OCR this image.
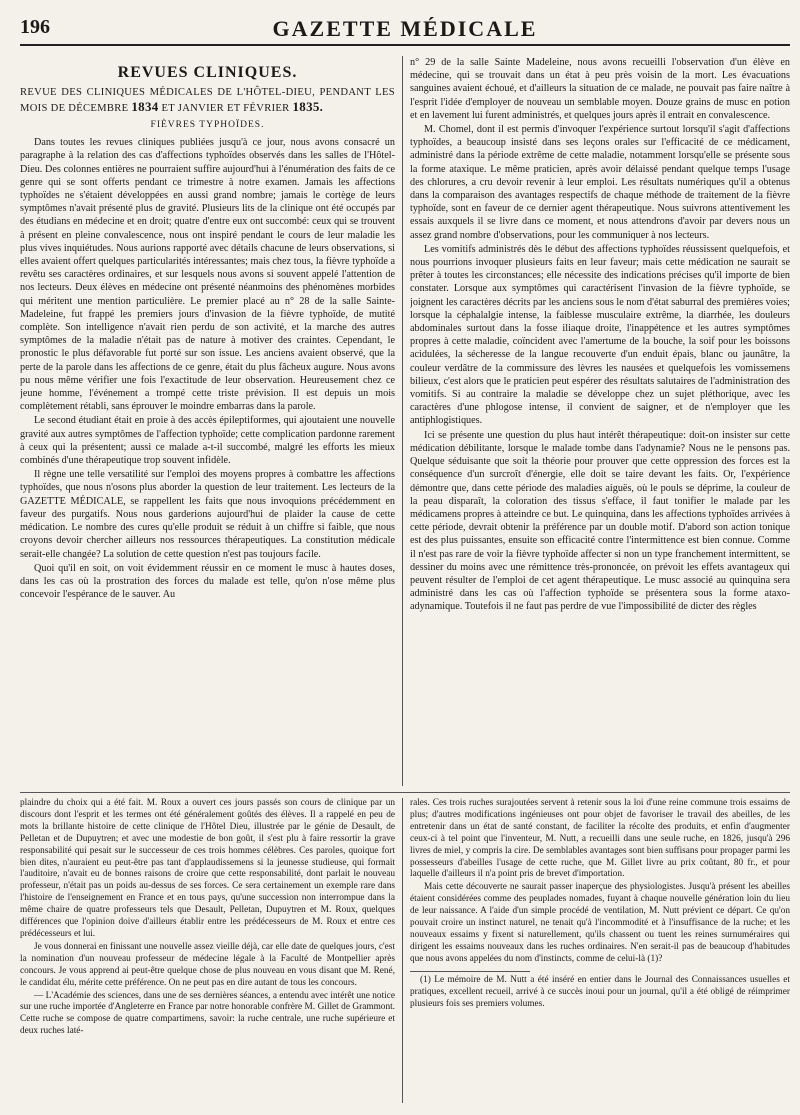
196	GAZETTE MÉDICALE
REVUES CLINIQUES.
REVUE DES CLINIQUES MÉDICALES DE L'HÔTEL-DIEU, PENDANT LES MOIS DE DÉCEMBRE 1834 ET JANVIER ET FÉVRIER 1835.
FIÈVRES TYPHOÏDES.

Dans toutes les revues cliniques publiées jusqu'à ce jour, nous avons consacré un paragraphe à la relation des cas d'affections typhoïdes observés dans les salles de l'Hôtel-Dieu. Des colonnes entières ne pourraient suffire aujourd'hui à l'énumération des faits de ce genre qui se sont offerts pendant ce trimestre à notre examen. Jamais les affections typhoïdes ne s'étaient développées en aussi grand nombre; jamais le cortège de leurs symptômes n'avait présenté plus de gravité. Plusieurs lits de la clinique ont été occupés par des étudians en médecine et en droit; quatre d'entre eux ont succombé: ceux qui se trouvent à présent en pleine convalescence, nous ont inspiré pendant le cours de leur maladie les plus vives inquiétudes. Nous aurions rapporté avec détails chacune de leurs observations, si elles avaient offert quelques particularités intéressantes; mais chez tous, la fièvre typhoïde a revêtu ses caractères ordinaires, et sur lesquels nous avons si souvent appelé l'attention de nos lecteurs. Deux élèves en médecine ont présenté néanmoins des phénomènes morbides qui méritent une mention particulière. Le premier placé au n° 28 de la salle Sainte-Madeleine, fut frappé les premiers jours d'invasion de la fièvre typhoïde, de mutité complète. Son intelligence n'avait rien perdu de son activité, et la marche des autres symptômes de la maladie n'était pas de nature à motiver des craintes. Cependant, le pronostic le plus défavorable fut porté sur son issue. Les anciens avaient observé, que la perte de la parole dans les affections de ce genre, était du plus fâcheux augure. Nous avons pu nous même vérifier une fois l'exactitude de leur observation. Heureusement chez ce jeune homme, l'événement a trompé cette triste prévision. Il est depuis un mois complètement rétabli, sans éprouver le moindre embarras dans la parole.

Le second étudiant était en proie à des accès épileptiformes, qui ajoutaient une nouvelle gravité aux autres symptômes de l'affection typhoïde; cette complication pardonne rarement à ceux qui la présentent; aussi ce malade a-t-il succombé, malgré les efforts les mieux combinés d'une thérapeutique trop souvent infidèle.

Il règne une telle versatilité sur l'emploi des moyens propres à combattre les affections typhoïdes, que nous n'osons plus aborder la question de leur traitement. Les lecteurs de la GAZETTE MÉDICALE, se rappellent les faits que nous invoquions précédemment en faveur des purgatifs. Nous nous garderions aujourd'hui de plaider la cause de cette médication. Le nombre des cures qu'elle produit se réduit à un chiffre si faible, que nous croyons devoir chercher ailleurs nos ressources thérapeutiques. La constitution médicale serait-elle changée? La solution de cette question n'est pas toujours facile.

Quoi qu'il en soit, on voit évidemment réussir en ce moment le musc à hautes doses, dans les cas où la prostration des forces du malade est telle, qu'on n'ose même plus concevoir l'espérance de le sauver. Au

n° 29 de la salle Sainte Madeleine, nous avons recueilli l'observation d'un élève en médecine, qui se trouvait dans un état à peu près voisin de la mort. Les évacuations sanguines avaient échoué, et d'ailleurs la situation de ce malade, ne pouvait pas faire naître à l'esprit l'idée d'employer de nouveau un semblable moyen. Douze grains de musc en potion et en lavement lui furent administrés, et quelques jours après il entrait en convalescence.

M. Chomel, dont il est permis d'invoquer l'expérience surtout lorsqu'il s'agit d'affections typhoïdes, a beaucoup insisté dans ses leçons orales sur l'efficacité de ce médicament, administré dans la période extrême de cette maladie, notamment lorsqu'elle se présente sous la forme ataxique. Le même praticien, après avoir délaissé pendant quelque temps l'usage des chlorures, a cru devoir revenir à leur emploi. Les résultats numériques qu'il a obtenus dans la comparaison des avantages respectifs de chaque méthode de traitement de la fièvre typhoïde, sont en faveur de ce dernier agent thérapeutique. Nous suivrons attentivement les essais auxquels il se livre dans ce moment, et nous attendrons d'avoir par devers nous un assez grand nombre d'observations, pour les communiquer à nos lecteurs.

Les vomitifs administrés dès le début des affections typhoïdes réussissent quelquefois, et nous pourrions invoquer plusieurs faits en leur faveur; mais cette médication ne saurait se prêter à toutes les circonstances; elle nécessite des indications précises qu'il importe de bien constater. Lorsque aux symptômes qui caractérisent l'invasion de la fièvre typhoïde, se joignent les caractères décrits par les anciens sous le nom d'état saburral des premières voies; lorsque la céphalalgie intense, la faiblesse musculaire extrême, la diarrhée, les douleurs abdominales surtout dans la fosse iliaque droite, l'inappétence et les autres symptômes propres à cette maladie, coïncident avec l'amertume de la bouche, la soif pour les boissons acidulées, la sécheresse de la langue recouverte d'un enduit épais, blanc ou jaunâtre, la couleur verdâtre de la commissure des lèvres les nausées et quelquefois les vomissemens bilieux, c'est alors que le praticien peut espérer des résultats salutaires de l'administration des vomitifs. Si au contraire la maladie se développe chez un sujet pléthorique, avec les caractères d'une phlogose intense, il convient de saigner, et de n'employer que les antiphlogistiques.

Ici se présente une question du plus haut intérêt thérapeutique: doit-on insister sur cette médication débilitante, lorsque le malade tombe dans l'adynamie? Nous ne le pensons pas. Quelque séduisante que soit la théorie pour prouver que cette oppression des forces est la conséquence d'un surcroît d'énergie, elle doit se taire devant les faits. Or, l'expérience démontre que, dans cette période des maladies aiguës, où le pouls se déprime, la couleur de la peau disparaît, la coloration des tissus s'efface, il faut tonifier le malade par les médicamens propres à atteindre ce but. Le quinquina, dans les affections typhoïdes arrivées à cette période, devrait obtenir la préférence par un double motif. D'abord son action tonique est des plus puissantes, ensuite son efficacité contre l'intermittence est bien connue. Comme il n'est pas rare de voir la fièvre typhoïde affecter si non un type franchement intermittent, se dessiner du moins avec une rémittence très-prononcée, on prévoit les effets avantageux qui peuvent résulter de l'emploi de cet agent thérapeutique. Le musc associé au quinquina sera administré dans les cas où l'affection typhoïde se présentera sous la forme ataxo-adynamique. Toutefois il ne faut pas perdre de vue l'impossibilité de dicter des règles

plaindre du choix qui a été fait. M. Roux a ouvert ces jours passés son cours de clinique par un discours dont l'esprit et les termes ont été généralement goûtés des élèves. Il a rappelé en peu de mots la brillante histoire de cette clinique de l'Hôtel Dieu, illustrée par le génie de Desault, de Pelletan et de Dupuytren; et avec une modestie de bon goût, il s'est plu à faire ressortir la grave responsabilité qui pesait sur le successeur de ces trois hommes célèbres. Ces paroles, quoique fort bien dites, n'auraient eu peut-être pas tant d'applaudissemens si la jeunesse studieuse, qui formait l'auditoire, n'avait eu de bonnes raisons de croire que cette responsabilité, dont parlait le nouveau professeur, n'était pas un poids au-dessus de ses forces. Ce sera certainement un exemple rare dans l'histoire de l'enseignement en France et en tous pays, qu'une succession non interrompue dans la même chaire de quatre professeurs tels que Desault, Pelletan, Dupuytren et M. Roux, quelques différences que l'opinion doive d'ailleurs établir entre les prédécesseurs de M. Roux et entre ces prédécesseurs et lui.

Je vous donnerai en finissant une nouvelle assez vieille déjà, car elle date de quelques jours, c'est la nomination d'un nouveau professeur de médecine légale à la Faculté de Montpellier après concours. Je vous apprend ai peut-être quelque chose de plus nouveau en vous disant que M. René, le candidat élu, mérite cette préférence. On ne peut pas en dire autant de tous les concours.

— L'Académie des sciences, dans une de ses dernières séances, a entendu avec intérêt une notice sur une ruche importée d'Angleterre en France par notre honorable confrère M. Gillet de Grammont. Cette ruche se compose de quatre compartimens, savoir: la ruche centrale, une ruche supérieure et deux ruches laté-

rales. Ces trois ruches surajoutées servent à retenir sous la loi d'une reine commune trois essaims de plus; d'autres modifications ingénieuses ont pour objet de favoriser le travail des abeilles, de les entretenir dans un état de santé constant, de faciliter la récolte des produits, et enfin d'augmenter ceux-ci à tel point que l'inventeur, M. Nutt, a recueilli dans une seule ruche, en 1826, jusqu'à 296 livres de miel, y compris la cire. De semblables avantages sont bien suffisans pour propager parmi les possesseurs d'abeilles l'usage de cette ruche, que M. Gillet livre au prix coûtant, 80 fr., et pour laquelle d'ailleurs il n'a point pris de brevet d'importation.

Mais cette découverte ne saurait passer inaperçue des physiologistes. Jusqu'à présent les abeilles étaient considérées comme des peuplades nomades, fuyant à chaque nouvelle génération loin du lieu de leur naissance. A l'aide d'un simple procédé de ventilation, M. Nutt prévient ce départ. Ce qu'on pouvait croire un instinct naturel, ne tenait qu'à l'incommodité et à l'insuffisance de la ruche; et les nouveaux essaims y fixent si naturellement, qu'ils chassent ou tuent les reines surnuméraires qui dirigent les essaims nouveaux dans les ruches ordinaires. N'en serait-il pas de beaucoup d'habitudes que nous avons appelées du nom d'instincts, comme de celui-là (1)?

(1) Le mémoire de M. Nutt a été inséré en entier dans le Journal des Connaissances usuelles et pratiques, excellent recueil, arrivé à ce succès inoui pour un journal, qu'il a été obligé de réimprimer plusieurs fois ses premiers volumes.
